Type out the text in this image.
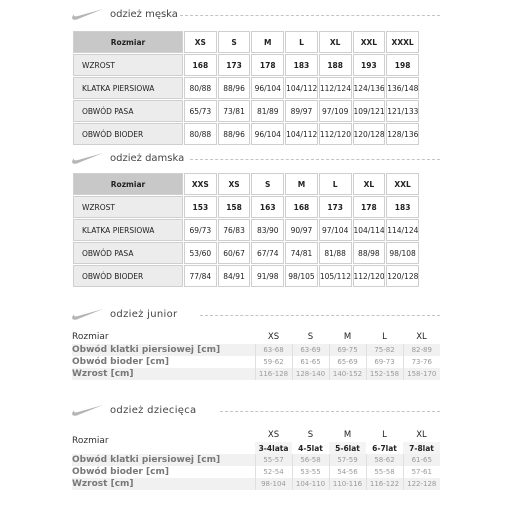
odzież męska
Rozmiar	XS	S	M	L	XL	XXL	XXXL
WZROST	168	173	178	183	188	193	198
KLATKA PIERSIOWA	80/88	88/96	96/104	104/112	112/124	124/136	136/148
OBWÓD PASA	65/73	73/81	81/89	89/97	97/109	109/121	121/133
OBWÓD BIODER	80/88	88/96	96/104	104/112	112/120	120/128	128/136
odzież damska
Rozmiar	XXS	XS	S	M	L	XL	XXL
WZROST	153	158	163	168	173	178	183
KLATKA PIERSIOWA	69/73	76/83	83/90	90/97	97/104	104/114	114/124
OBWÓD PASA	53/60	60/67	67/74	74/81	81/88	88/98	98/108
OBWÓD BIODER	77/84	84/91	91/98	98/105	105/112	112/120	120/128
odzież junior
Rozmiar	XS	S	M	L	XL
Obwód klatki piersiowej [cm]	63-68	63-69	69-75	75-82	82-89
Obwód bioder [cm]	59-62	61-65	65-69	69-73	73-76
Wzrost [cm]	116-128	128-140	140-152	152-158	158-170
odzież dziecięca
Rozmiar	XS	S	M	L	XL
	3-4lata	4-5lat	5-6lat	6-7lat	7-8lat
Obwód klatki piersiowej [cm]	55-57	56-58	57-59	58-62	61-65
Obwód bioder [cm]	52-54	53-55	54-56	55-58	57-61
Wzrost [cm]	98-104	104-110	110-116	116-122	122-128
